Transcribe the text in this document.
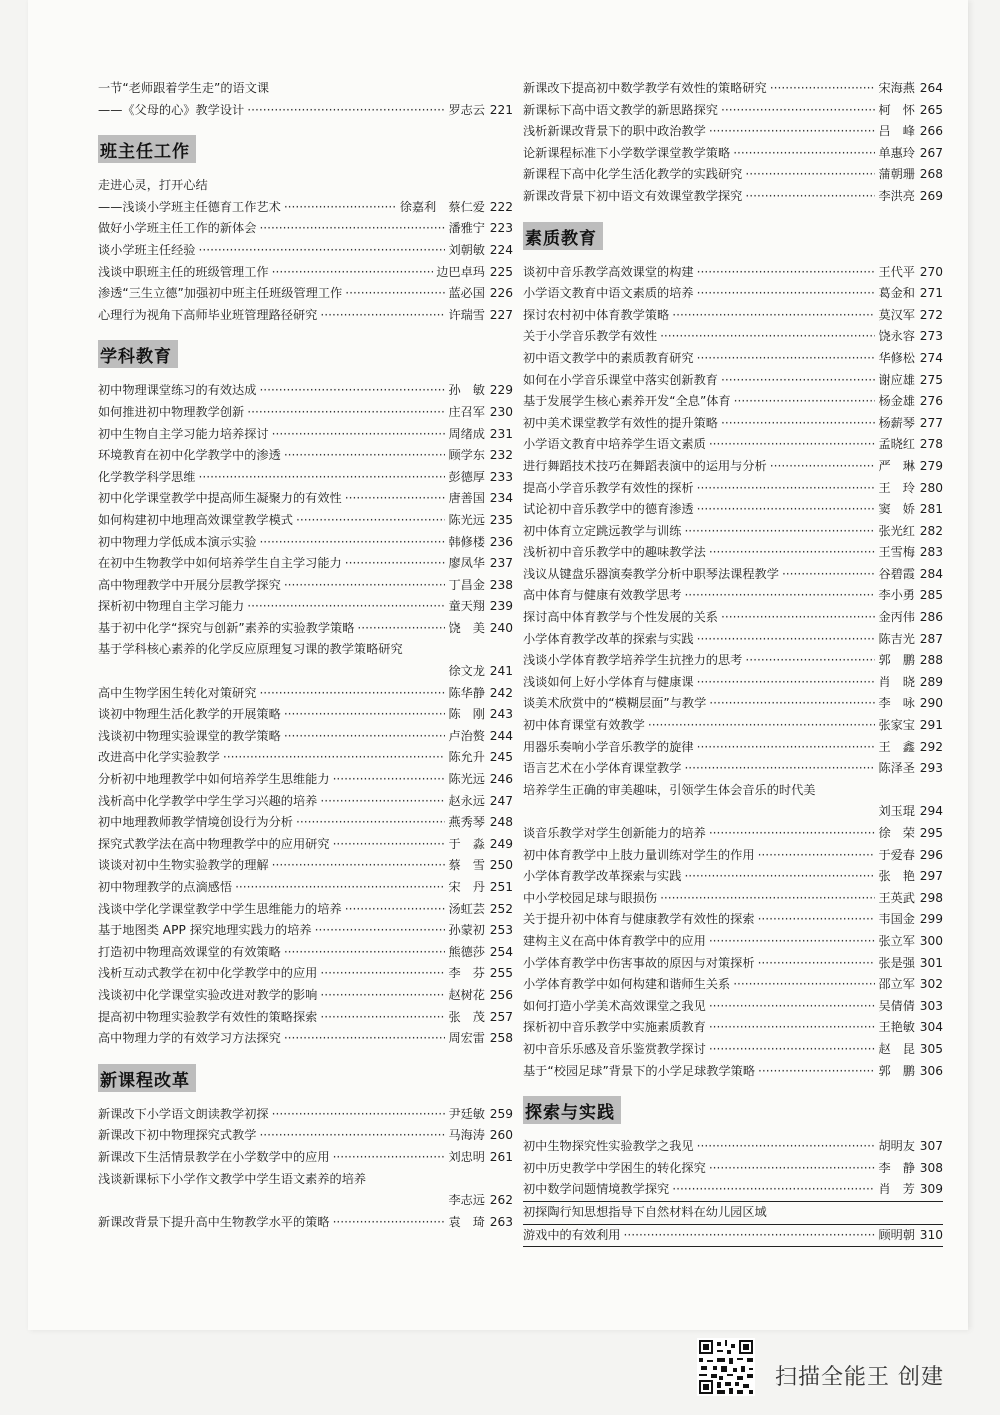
一节“老师跟着学生走”的语文课
——《父母的心》教学设计 ·····	罗志云 221
班主任工作
走进心灵，打开心结
——浅谈小学班主任德育工作艺术 ·····	徐嘉利　蔡仁爱 222
做好小学班主任工作的新体会 ·····	潘雅宁 223
谈小学班主任经验 ·····	刘朝敏 224
浅谈中职班主任的班级管理工作 ·····	边巴卓玛 225
渗透“三生立德”加强初中班主任班级管理工作 ·····	蓝必国 226
心理行为视角下高师毕业班管理路径研究 ·····	许瑞雪 227
学科教育
初中物理课堂练习的有效达成 ·····	孙　敏 229
如何推进初中物理教学创新 ·····	庄召军 230
初中生物自主学习能力培养探讨 ·····	周绪成 231
环境教育在初中化学教学中的渗透 ·····	顾学东 232
化学教学科学思维 ·····	彭德厚 233
初中化学课堂教学中提高师生凝聚力的有效性 ·····	唐善国 234
如何构建初中地理高效课堂教学模式 ·····	陈光远 235
初中物理力学低成本演示实验 ·····	韩修楼 236
在初中生物教学中如何培养学生自主学习能力 ·····	廖凤华 237
高中物理教学中开展分层教学探究 ·····	丁昌金 238
探析初中物理自主学习能力 ·····	童天翔 239
基于初中化学“探究与创新”素养的实验教学策略 ·····	饶　美 240
基于学科核心素养的化学反应原理复习课的教学策略研究
徐文龙 241
高中生物学困生转化对策研究 ·····	陈华静 242
谈初中物理生活化教学的开展策略 ·····	陈　刚 243
浅谈初中物理实验课堂的教学策略 ·····	卢治赘 244
改进高中化学实验教学 ·····	陈允升 245
分析初中地理教学中如何培养学生思维能力 ·····	陈光远 246
浅析高中化学教学中学生学习兴趣的培养 ·····	赵永远 247
初中地理教师教学情境创设行为分析 ·····	燕秀琴 248
探究式教学法在高中物理教学中的应用研究 ·····	于　淼 249
谈谈对初中生物实验教学的理解 ·····	蔡　雪 250
初中物理教学的点滴感悟 ·····	宋　丹 251
浅谈中学化学课堂教学中学生思维能力的培养 ·····	汤虹芸 252
基于地图类 APP 探究地理实践力的培养 ·····	孙蒙初 253
打造初中物理高效课堂的有效策略 ·····	熊德莎 254
浅析互动式教学在初中化学教学中的应用 ·····	李　芬 255
浅谈初中化学课堂实验改进对教学的影响 ·····	赵树花 256
提高初中物理实验教学有效性的策略探索 ·····	张　茂 257
高中物理力学的有效学习方法探究 ·····	周宏雷 258
新课程改革
新课改下小学语文朗读教学初探 ·····	尹廷敏 259
新课改下初中物理探究式教学 ·····	马海涛 260
新课改下生活情景教学在小学数学中的应用 ·····	刘忠明 261
浅谈新课标下小学作文教学中学生语文素养的培养
李志远 262
新课改背景下提升高中生物教学水平的策略 ·····	袁　琦 263
新课改下提高初中数学教学有效性的策略研究 ·····	宋海燕 264
新课标下高中语文教学的新思路探究 ·····	柯　怀 265
浅析新课改背景下的职中政治教学 ·····	吕　峰 266
论新课程标准下小学数学课堂教学策略 ·····	单惠玲 267
新课程下高中化学生活化教学的实践研究 ·····	蒲朝珊 268
新课改背景下初中语文有效课堂教学探究 ·····	李洪亮 269
素质教育
谈初中音乐教学高效课堂的构建 ·····	王代平 270
小学语文教育中语文素质的培养 ·····	葛金和 271
探讨农村初中体育教学策略 ·····	莫汉军 272
关于小学音乐教学有效性 ·····	饶永容 273
初中语文教学中的素质教育研究 ·····	华修松 274
如何在小学音乐课堂中落实创新教育 ·····	谢应雄 275
基于发展学生核心素养开发“全息”体育 ·····	杨金雄 276
初中美术课堂教学有效性的提升策略 ·····	杨薪琴 277
小学语文教育中培养学生语文素质 ·····	孟晓红 278
进行舞蹈技术技巧在舞蹈表演中的运用与分析 ·····	严　琳 279
提高小学音乐教学有效性的探析 ·····	王　玲 280
试论初中音乐教学中的德育渗透 ·····	窦　娇 281
初中体育立定跳远教学与训练 ·····	张光红 282
浅析初中音乐教学中的趣味教学法 ·····	王雪梅 283
浅议从键盘乐器演奏教学分析中职琴法课程教学 ·····	谷碧霞 284
高中体育与健康有效教学思考 ·····	李小勇 285
探讨高中体育教学与个性发展的关系 ·····	金丙伟 286
小学体育教学改革的探索与实践 ·····	陈吉光 287
浅谈小学体育教学培养学生抗挫力的思考 ·····	郭　鹏 288
浅谈如何上好小学体育与健康课 ·····	肖　晓 289
谈美术欣赏中的“模糊层面”与教学 ·····	李　咏 290
初中体育课堂有效教学 ·····	张家宝 291
用器乐奏响小学音乐教学的旋律 ·····	王　鑫 292
语言艺术在小学体育课堂教学 ·····	陈泽圣 293
培养学生正确的审美趣味，引领学生体会音乐的时代美
刘玉琨 294
谈音乐教学对学生创新能力的培养 ·····	徐　荣 295
初中体育教学中上肢力量训练对学生的作用 ·····	于爱春 296
小学体育教学改革探索与实践 ·····	张　艳 297
中小学校园足球与眼损伤 ·····	王英武 298
关于提升初中体育与健康教学有效性的探索 ·····	韦国金 299
建构主义在高中体育教学中的应用 ·····	张立军 300
小学体育教学中伤害事故的原因与对策探析 ·····	张是强 301
小学体育教学中如何构建和谐师生关系 ·····	邵立军 302
如何打造小学美术高效课堂之我见 ·····	吴倩倩 303
探析初中音乐教学中实施素质教育 ·····	王艳敏 304
初中音乐乐感及音乐鉴赏教学探讨 ·····	赵　昆 305
基于“校园足球”背景下的小学足球教学策略 ·····	郭　鹏 306
探索与实践
初中生物探究性实验教学之我见 ·····	胡明友 307
初中历史教学中学困生的转化探究 ·····	李　静 308
初中数学问题情境教学探究 ·····	肖　芳 309
初探陶行知思想指导下自然材料在幼儿园区域
游戏中的有效利用 ·····	顾明朝 310
扫描全能王 创建
